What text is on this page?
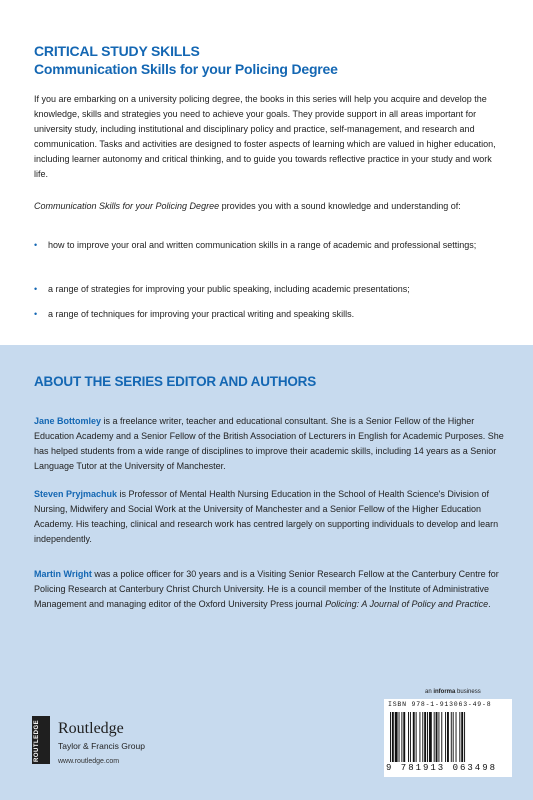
CRITICAL STUDY SKILLS
Communication Skills for your Policing Degree

If you are embarking on a university policing degree, the books in this series will help you acquire and develop the knowledge, skills and strategies you need to achieve your goals. They provide support in all areas important for university study, including institutional and disciplinary policy and practice, self-management, and research and communication. Tasks and activities are designed to foster aspects of learning which are valued in higher education, including learner autonomy and critical thinking, and to guide you towards reflective practice in your study and work life.

Communication Skills for your Policing Degree provides you with a sound knowledge and understanding of:

• how to improve your oral and written communication skills in a range of academic and professional settings;
• a range of strategies for improving your public speaking, including academic presentations;
• a range of techniques for improving your practical writing and speaking skills.
ABOUT THE SERIES EDITOR AND AUTHORS

Jane Bottomley is a freelance writer, teacher and educational consultant. She is a Senior Fellow of the Higher Education Academy and a Senior Fellow of the British Association of Lecturers in English for Academic Purposes. She has helped students from a wide range of disciplines to improve their academic skills, including 14 years as a Senior Language Tutor at the University of Manchester.

Steven Pryjmachuk is Professor of Mental Health Nursing Education in the School of Health Science's Division of Nursing, Midwifery and Social Work at the University of Manchester and a Senior Fellow of the Higher Education Academy. His teaching, clinical and research work has centred largely on supporting individuals to develop and learn independently.

Martin Wright was a police officer for 30 years and is a Visiting Senior Research Fellow at the Canterbury Centre for Policing Research at Canterbury Christ Church University. He is a council member of the Institute of Administrative Management and managing editor of the Oxford University Press journal Policing: A Journal of Policy and Practice.

ROUTLEDGE Routledge
Taylor & Francis Group
www.routledge.com
an informa business
ISBN 978-1-913063-49-8
9 781913 063498
